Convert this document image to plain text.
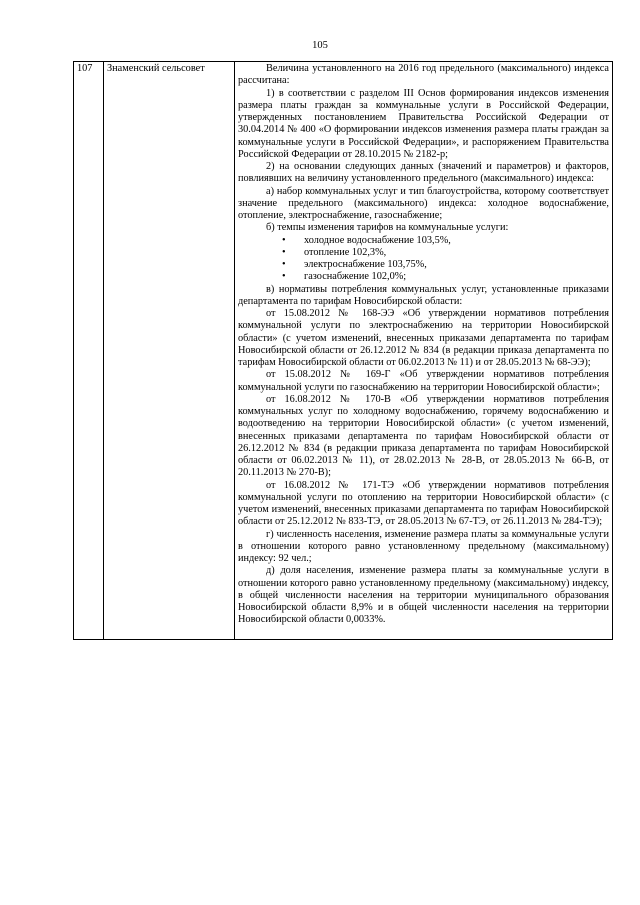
105
107	Знаменский сельсовет	Величина установленного на 2016 год предельного (максимального) индекса рассчитана:

1) в соответствии с разделом III Основ формирования индексов изменения размера платы граждан за коммунальные услуги в Российской Федерации, утвержденных постановлением Правительства Российской Федерации от 30.04.2014 № 400 «О формировании индексов изменения размера платы граждан за коммунальные услуги в Российской Федерации», и распоряжением Правительства Российской Федерации от 28.10.2015 № 2182-р;

2) на основании следующих данных (значений и параметров) и факторов, повлиявших на величину установленного предельного (максимального) индекса:

а) набор коммунальных услуг и тип благоустройства, которому соответствует значение предельного (максимального) индекса: холодное водоснабжение, отопление, электроснабжение, газоснабжение;

б) темпы изменения тарифов на коммунальные услуги:

• холодное водоснабжение 103,5%,
• отопление 102,3%,
• электроснабжение 103,75%,
• газоснабжение 102,0%;

в) нормативы потребления коммунальных услуг, установленные приказами департамента по тарифам Новосибирской области:

от 15.08.2012 № 168-ЭЭ «Об утверждении нормативов потребления коммунальной услуги по электроснабжению на территории Новосибирской области» (с учетом изменений, внесенных приказами департамента по тарифам Новосибирской области от 26.12.2012 № 834 (в редакции приказа департамента по тарифам Новосибирской области от 06.02.2013 № 11) и от 28.05.2013 № 68-ЭЭ);

от 15.08.2012 № 169-Г «Об утверждении нормативов потребления коммунальной услуги по газоснабжению на территории Новосибирской области»;

от 16.08.2012 № 170-В «Об утверждении нормативов потребления коммунальных услуг по холодному водоснабжению, горячему водоснабжению и водоотведению на территории Новосибирской области» (с учетом изменений, внесенных приказами департамента по тарифам Новосибирской области от 26.12.2012 № 834 (в редакции приказа департамента по тарифам Новосибирской области от 06.02.2013 № 11), от 28.02.2013 № 28-В, от 28.05.2013 № 66-В, от 20.11.2013 № 270-В);

от 16.08.2012 № 171-ТЭ «Об утверждении нормативов потребления коммунальной услуги по отоплению на территории Новосибирской области» (с учетом изменений, внесенных приказами департамента по тарифам Новосибирской области от 25.12.2012 № 833-ТЭ, от 28.05.2013 № 67-ТЭ, от 26.11.2013 № 284-ТЭ);

г) численность населения, изменение размера платы за коммунальные услуги в отношении которого равно установленному предельному (максимальному) индексу: 92 чел.;

д) доля населения, изменение размера платы за коммунальные услуги в отношении которого равно установленному предельному (максимальному) индексу, в общей численности населения на территории муниципального образования Новосибирской области 8,9% и в общей численности населения на территории Новосибирской области 0,0033%.
